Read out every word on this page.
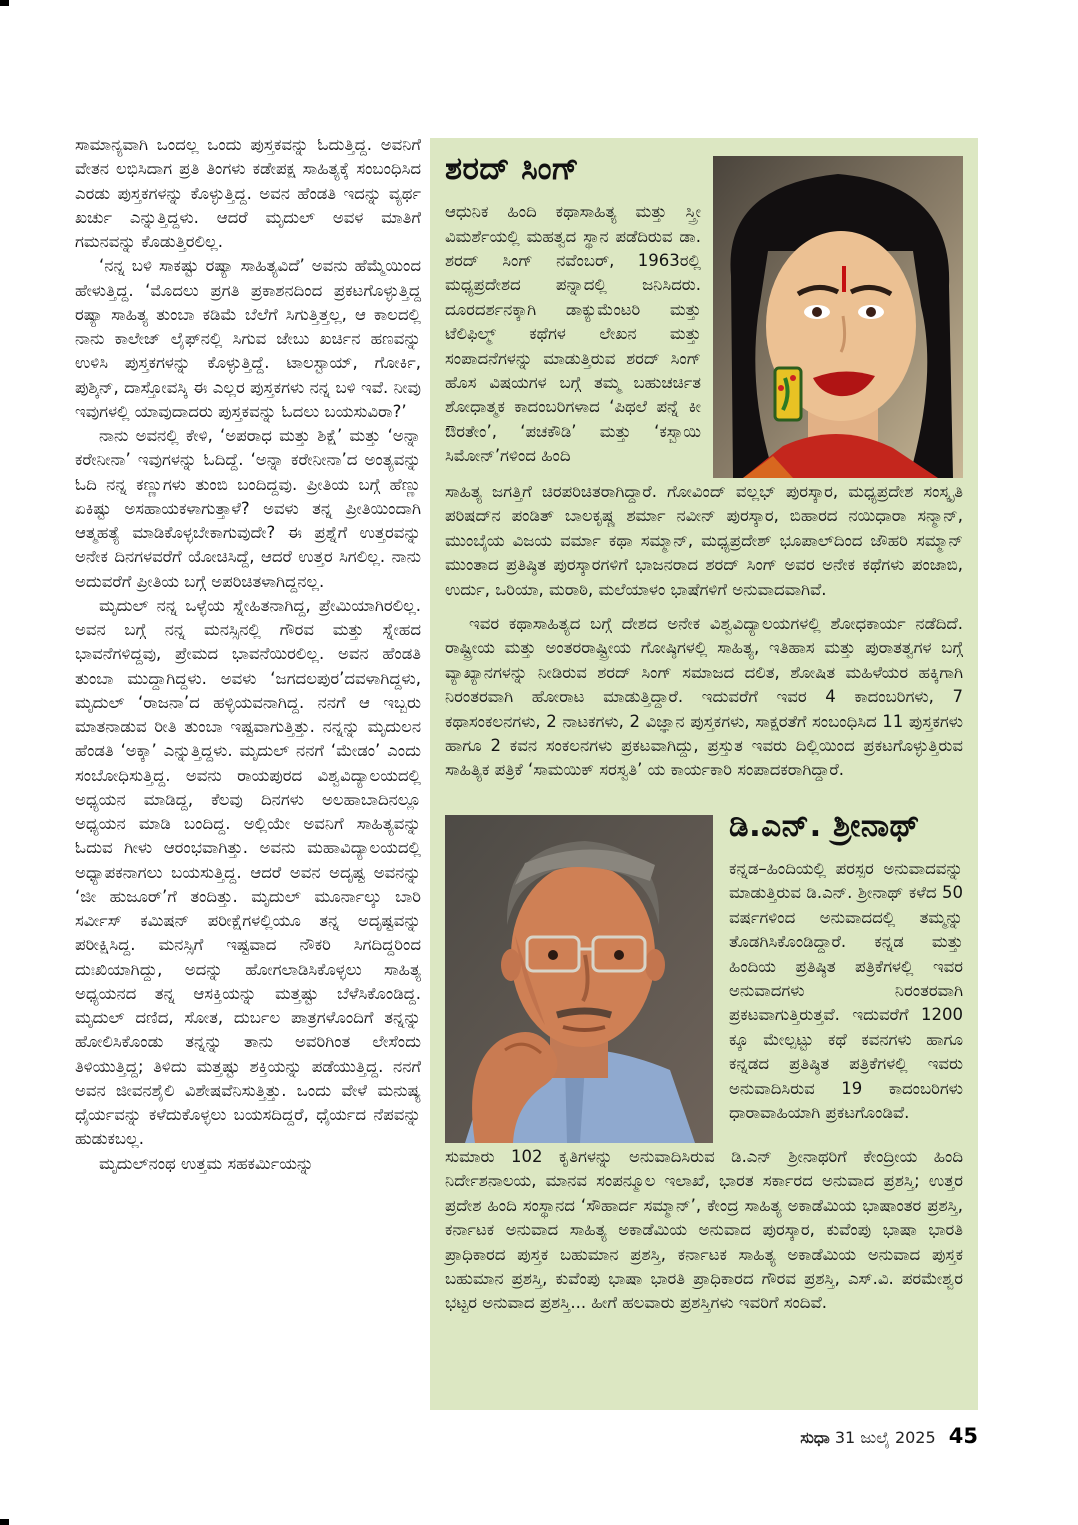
ಸಾಮಾನ್ಯವಾಗಿ ಒಂದಲ್ಲ ಒಂದು ಪುಸ್ತಕವನ್ನು ಓದುತ್ತಿದ್ದ. ಅವನಿಗೆ ವೇತನ ಲಭಿಸಿದಾಗ ಪ್ರತಿ ತಿಂಗಳು ಕಡೇಪಕ್ಷ ಸಾಹಿತ್ಯಕ್ಕೆ ಸಂಬಂಧಿಸಿದ ಎರಡು ಪುಸ್ತಕಗಳನ್ನು ಕೊಳ್ಳುತ್ತಿದ್ದ. ಅವನ ಹೆಂಡತಿ ಇದನ್ನು ವ್ಯರ್ಥ ಖರ್ಚು ಎನ್ನುತ್ತಿದ್ದಳು. ಆದರೆ ಮೃದುಲ್ ಅವಳ ಮಾತಿಗೆ ಗಮನವನ್ನು ಕೊಡುತ್ತಿರಲಿಲ್ಲ.

‘ನನ್ನ ಬಳಿ ಸಾಕಷ್ಟು ರಷ್ಯಾ ಸಾಹಿತ್ಯವಿದೆ’ ಅವನು ಹೆಮ್ಮೆಯಿಂದ ಹೇಳುತ್ತಿದ್ದ. ‘ಮೊದಲು ಪ್ರಗತಿ ಪ್ರಕಾಶನದಿಂದ ಪ್ರಕಟಗೊಳ್ಳುತ್ತಿದ್ದ ರಷ್ಯಾ ಸಾಹಿತ್ಯ ತುಂಬಾ ಕಡಿಮೆ ಬೆಲೆಗೆ ಸಿಗುತ್ತಿತ್ತಲ್ಲ, ಆ ಕಾಲದಲ್ಲಿ ನಾನು ಕಾಲೇಜ್ ಲೈಫ್‌ನಲ್ಲಿ ಸಿಗುವ ಜೇಬು ಖರ್ಚಿನ ಹಣವನ್ನು ಉಳಿಸಿ ಪುಸ್ತಕಗಳನ್ನು ಕೊಳ್ಳುತ್ತಿದ್ದೆ. ಟಾಲಸ್ಟಾಯ್, ಗೋರ್ಕಿ, ಪುಶ್ಕಿನ್, ದಾಸ್ತೋವಸ್ಕಿ ಈ ಎಲ್ಲರ ಪುಸ್ತಕಗಳು ನನ್ನ ಬಳಿ ಇವೆ. ನೀವು ಇವುಗಳಲ್ಲಿ ಯಾವುದಾದರು ಪುಸ್ತಕವನ್ನು ಓದಲು ಬಯಸುವಿರಾ?’

ನಾನು ಅವನಲ್ಲಿ ಕೇಳಿ, ‘ಅಪರಾಧ ಮತ್ತು ಶಿಕ್ಷೆ’ ಮತ್ತು ‘ಅನ್ನಾ ಕರೇನೀನಾ’ ಇವುಗಳನ್ನು ಓದಿದ್ದೆ. ‘ಅನ್ನಾ ಕರೇನೀನಾ’ದ ಅಂತ್ಯವನ್ನು ಓದಿ ನನ್ನ ಕಣ್ಣುಗಳು ತುಂಬಿ ಬಂದಿದ್ದವು. ಪ್ರೀತಿಯ ಬಗ್ಗೆ ಹೆಣ್ಣು ಏಕಿಷ್ಟು ಅಸಹಾಯಕಳಾಗುತ್ತಾಳೆ? ಅವಳು ತನ್ನ ಪ್ರೀತಿಯಿಂದಾಗಿ ಆತ್ಮಹತ್ಯೆ ಮಾಡಿಕೊಳ್ಳಬೇಕಾಗುವುದೇ? ಈ ಪ್ರಶ್ನೆಗೆ ಉತ್ತರವನ್ನು ಅನೇಕ ದಿನಗಳವರೆಗೆ ಯೋಚಿಸಿದ್ದೆ, ಆದರೆ ಉತ್ತರ ಸಿಗಲಿಲ್ಲ. ನಾನು ಅದುವರೆಗೆ ಪ್ರೀತಿಯ ಬಗ್ಗೆ ಅಪರಿಚಿತಳಾಗಿದ್ದನಲ್ಲ.

ಮೃದುಲ್ ನನ್ನ ಒಳ್ಳೆಯ ಸ್ನೇಹಿತನಾಗಿದ್ದ, ಪ್ರೇಮಿಯಾಗಿರಲಿಲ್ಲ. ಅವನ ಬಗ್ಗೆ ನನ್ನ ಮನಸ್ಸಿನಲ್ಲಿ ಗೌರವ ಮತ್ತು ಸ್ನೇಹದ ಭಾವನೆಗಳಿದ್ದವು, ಪ್ರೇಮದ ಭಾವನೆಯಿರಲಿಲ್ಲ. ಅವನ ಹೆಂಡತಿ ತುಂಬಾ ಮುದ್ದಾಗಿದ್ದಳು. ಅವಳು ‘ಜಗದಲಪುರ’ದವಳಾಗಿದ್ದಳು, ಮೃದುಲ್ ‘ರಾಜನಾ’ದ ಹಳ್ಳಿಯವನಾಗಿದ್ದ. ನನಗೆ ಆ ಇಬ್ಬರು ಮಾತನಾಡುವ ರೀತಿ ತುಂಬಾ ಇಷ್ಟವಾಗುತ್ತಿತ್ತು. ನನ್ನನ್ನು ಮೃದುಲನ ಹೆಂಡತಿ ‘ಅಕ್ಕಾ’ ಎನ್ನುತ್ತಿದ್ದಳು. ಮೃದುಲ್ ನನಗೆ ‘ಮೇಡಂ’ ಎಂದು ಸಂಬೋಧಿಸುತ್ತಿದ್ದ. ಅವನು ರಾಯಪುರದ ವಿಶ್ವವಿದ್ಯಾಲಯದಲ್ಲಿ ಅಧ್ಯಯನ ಮಾಡಿದ್ದ, ಕೆಲವು ದಿನಗಳು ಅಲಹಾಬಾದಿನಲ್ಲೂ ಅಧ್ಯಯನ ಮಾಡಿ ಬಂದಿದ್ದ. ಅಲ್ಲಿಯೇ ಅವನಿಗೆ ಸಾಹಿತ್ಯವನ್ನು ಓದುವ ಗೀಳು ಆರಂಭವಾಗಿತ್ತು. ಅವನು ಮಹಾವಿದ್ಯಾಲಯದಲ್ಲಿ ಅಧ್ಯಾಪಕನಾಗಲು ಬಯಸುತ್ತಿದ್ದ. ಆದರೆ ಅವನ ಅದೃಷ್ಟ ಅವನನ್ನು ‘ಜೀ ಹುಜೂರ್’ಗೆ ತಂದಿತ್ತು. ಮೃದುಲ್ ಮೂರ್ನಾಲ್ಕು ಬಾರಿ ಸರ್ವೀಸ್ ಕಮಿಷನ್ ಪರೀಕ್ಷೆಗಳಲ್ಲಿಯೂ ತನ್ನ ಅದೃಷ್ಟವನ್ನು ಪರೀಕ್ಷಿಸಿದ್ದ. ಮನಸ್ಸಿಗೆ ಇಷ್ಟವಾದ ನೌಕರಿ ಸಿಗದಿದ್ದರಿಂದ ದುಃಖಿಯಾಗಿದ್ದು, ಅದನ್ನು ಹೋಗಲಾಡಿಸಿಕೊಳ್ಳಲು ಸಾಹಿತ್ಯ ಅಧ್ಯಯನದ ತನ್ನ ಆಸಕ್ತಿಯನ್ನು ಮತ್ತಷ್ಟು ಬೆಳೆಸಿಕೊಂಡಿದ್ದ. ಮೃದುಲ್ ದಣಿದ, ಸೋತ, ದುರ್ಬಲ ಪಾತ್ರಗಳೊಂದಿಗೆ ತನ್ನನ್ನು ಹೋಲಿಸಿಕೊಂಡು ತನ್ನನ್ನು ತಾನು ಅವರಿಗಿಂತ ಲೇಸೆಂದು ತಿಳಿಯುತ್ತಿದ್ದ; ತಿಳಿದು ಮತ್ತಷ್ಟು ಶಕ್ತಿಯನ್ನು ಪಡೆಯುತ್ತಿದ್ದ. ನನಗೆ ಅವನ ಜೀವನಶೈಲಿ ವಿಶೇಷವೆನಿಸುತ್ತಿತ್ತು. ಒಂದು ವೇಳೆ ಮನುಷ್ಯ ಧೈರ್ಯವನ್ನು ಕಳೆದುಕೊಳ್ಳಲು ಬಯಸದಿದ್ದರೆ, ಧೈರ್ಯದ ನೆಪವನ್ನು ಹುಡುಕಬಲ್ಲ.

ಮೃದುಲ್‌ನಂಥ ಉತ್ತಮ ಸಹಕರ್ಮಿಯನ್ನು

ಶರದ್ ಸಿಂಗ್
ಆಧುನಿಕ ಹಿಂದಿ ಕಥಾಸಾಹಿತ್ಯ ಮತ್ತು ಸ್ತ್ರೀ ವಿಮರ್ಶೆಯಲ್ಲಿ ಮಹತ್ವದ ಸ್ಥಾನ ಪಡೆದಿರುವ ಡಾ. ಶರದ್ ಸಿಂಗ್ ನವೆಂಬರ್, 1963ರಲ್ಲಿ ಮಧ್ಯಪ್ರದೇಶದ ಪನ್ನಾದಲ್ಲಿ ಜನಿಸಿದರು. ದೂರದರ್ಶನಕ್ಕಾಗಿ ಡಾಕ್ಯುಮೆಂಟರಿ ಮತ್ತು ಟೆಲಿಫಿಲ್ಮ್ ಕಥೆಗಳ ಲೇಖನ ಮತ್ತು ಸಂಪಾದನೆಗಳನ್ನು ಮಾಡುತ್ತಿರುವ ಶರದ್ ಸಿಂಗ್ ಹೊಸ ವಿಷಯಗಳ ಬಗ್ಗೆ ತಮ್ಮ ಬಹುಚರ್ಚಿತ ಶೋಧಾತ್ಮಕ ಕಾದಂಬರಿಗಳಾದ ‘ಪಿಥಲೆ ಪನ್ನೆ ಕೀ ಔರತೇಂ’, ‘ಪಚಕೌಡಿ’ ಮತ್ತು ‘ಕಸ್ಬಾಯಿ ಸಿಮೋನ್’ಗಳಿಂದ ಹಿಂದಿ
ಸಾಹಿತ್ಯ ಜಗತ್ತಿಗೆ ಚಿರಪರಿಚಿತರಾಗಿದ್ದಾರೆ. ಗೋವಿಂದ್ ವಲ್ಲಭ್ ಪುರಸ್ಕಾರ, ಮಧ್ಯಪ್ರದೇಶ ಸಂಸ್ಕೃತಿ ಪರಿಷದ್‌ನ ಪಂಡಿತ್ ಬಾಲಕೃಷ್ಣ ಶರ್ಮಾ ನವೀನ್ ಪುರಸ್ಕಾರ, ಬಿಹಾರದ ನಯಿಧಾರಾ ಸನ್ಮಾನ್, ಮುಂಬೈಯ ವಿಜಯ ವರ್ಮಾ ಕಥಾ ಸಮ್ಮಾನ್, ಮಧ್ಯಪ್ರದೇಶ್ ಭೂಪಾಲ್‌ದಿಂದ ಜೌಹರಿ ಸಮ್ಮಾನ್ ಮುಂತಾದ ಪ್ರತಿಷ್ಠಿತ ಪುರಸ್ಕಾರಗಳಿಗೆ ಭಾಜನರಾದ ಶರದ್ ಸಿಂಗ್ ಅವರ ಅನೇಕ ಕಥೆಗಳು ಪಂಜಾಬಿ, ಉರ್ದು, ಒರಿಯಾ, ಮರಾಠಿ, ಮಲೆಯಾಳಂ ಭಾಷೆಗಳಿಗೆ ಅನುವಾದವಾಗಿವೆ.
ಇವರ ಕಥಾಸಾಹಿತ್ಯದ ಬಗ್ಗೆ ದೇಶದ ಅನೇಕ ವಿಶ್ವವಿದ್ಯಾಲಯಗಳಲ್ಲಿ ಶೋಧಕಾರ್ಯ ನಡೆದಿದೆ. ರಾಷ್ಟ್ರೀಯ ಮತ್ತು ಅಂತರರಾಷ್ಟ್ರೀಯ ಗೋಷ್ಠಿಗಳಲ್ಲಿ ಸಾಹಿತ್ಯ, ಇತಿಹಾಸ ಮತ್ತು ಪುರಾತತ್ವಗಳ ಬಗ್ಗೆ ವ್ಯಾಖ್ಯಾನಗಳನ್ನು ನೀಡಿರುವ ಶರದ್ ಸಿಂಗ್ ಸಮಾಜದ ದಲಿತ, ಶೋಷಿತ ಮಹಿಳೆಯರ ಹಕ್ಕಿಗಾಗಿ ನಿರಂತರವಾಗಿ ಹೋರಾಟ ಮಾಡುತ್ತಿದ್ದಾರೆ. ಇದುವರೆಗೆ ಇವರ 4 ಕಾದಂಬರಿಗಳು, 7 ಕಥಾಸಂಕಲನಗಳು, 2 ನಾಟಕಗಳು, 2 ವಿಜ್ಞಾನ ಪುಸ್ತಕಗಳು, ಸಾಕ್ಷರತೆಗೆ ಸಂಬಂಧಿಸಿದ 11 ಪುಸ್ತಕಗಳು ಹಾಗೂ 2 ಕವನ ಸಂಕಲನಗಳು ಪ್ರಕಟವಾಗಿದ್ದು, ಪ್ರಸ್ತುತ ಇವರು ದಿಲ್ಲಿಯಿಂದ ಪ್ರಕಟಗೊಳ್ಳುತ್ತಿರುವ ಸಾಹಿತ್ಯಿಕ ಪತ್ರಿಕೆ ‘ಸಾಮಯಿಕ್ ಸರಸ್ವತಿ’ ಯ ಕಾರ್ಯಕಾರಿ ಸಂಪಾದಕರಾಗಿದ್ದಾರೆ.
ಡಿ.ಎನ್. ಶ್ರೀನಾಥ್
ಕನ್ನಡ–ಹಿಂದಿಯಲ್ಲಿ ಪರಸ್ಪರ ಅನುವಾದವನ್ನು ಮಾಡುತ್ತಿರುವ ಡಿ.ಎನ್. ಶ್ರೀನಾಥ್ ಕಳೆದ 50 ವರ್ಷಗಳಿಂದ ಅನುವಾದದಲ್ಲಿ ತಮ್ಮನ್ನು ತೊಡಗಿಸಿಕೊಂಡಿದ್ದಾರೆ. ಕನ್ನಡ ಮತ್ತು ಹಿಂದಿಯ ಪ್ರತಿಷ್ಠಿತ ಪತ್ರಿಕೆಗಳಲ್ಲಿ ಇವರ ಅನುವಾದಗಳು ನಿರಂತರವಾಗಿ ಪ್ರಕಟವಾಗುತ್ತಿರುತ್ತವೆ. ಇದುವರೆಗೆ 1200 ಕ್ಕೂ ಮೇಲ್ಪಟ್ಟು ಕಥೆ ಕವನಗಳು ಹಾಗೂ ಕನ್ನಡದ ಪ್ರತಿಷ್ಠಿತ ಪತ್ರಿಕೆಗಳಲ್ಲಿ ಇವರು ಅನುವಾದಿಸಿರುವ 19 ಕಾದಂಬರಿಗಳು ಧಾರಾವಾಹಿಯಾಗಿ ಪ್ರಕಟಗೊಂಡಿವೆ.
ಸುಮಾರು 102 ಕೃತಿಗಳನ್ನು ಅನುವಾದಿಸಿರುವ ಡಿ.ಎನ್ ಶ್ರೀನಾಥರಿಗೆ ಕೇಂದ್ರೀಯ ಹಿಂದಿ ನಿರ್ದೇಶನಾಲಯ, ಮಾನವ ಸಂಪನ್ಮೂಲ ಇಲಾಖೆ, ಭಾರತ ಸರ್ಕಾರದ ಅನುವಾದ ಪ್ರಶಸ್ತಿ; ಉತ್ತರ ಪ್ರದೇಶ ಹಿಂದಿ ಸಂಸ್ಥಾನದ ‘ಸೌಹಾರ್ದ ಸಮ್ಮಾನ್’, ಕೇಂದ್ರ ಸಾಹಿತ್ಯ ಅಕಾಡೆಮಿಯ ಭಾಷಾಂತರ ಪ್ರಶಸ್ತಿ, ಕರ್ನಾಟಕ ಅನುವಾದ ಸಾಹಿತ್ಯ ಅಕಾಡೆಮಿಯ ಅನುವಾದ ಪುರಸ್ಕಾರ, ಕುವೆಂಪು ಭಾಷಾ ಭಾರತಿ ಪ್ರಾಧಿಕಾರದ ಪುಸ್ತಕ ಬಹುಮಾನ ಪ್ರಶಸ್ತಿ, ಕರ್ನಾಟಕ ಸಾಹಿತ್ಯ ಅಕಾಡೆಮಿಯ ಅನುವಾದ ಪುಸ್ತಕ ಬಹುಮಾನ ಪ್ರಶಸ್ತಿ, ಕುವೆಂಪು ಭಾಷಾ ಭಾರತಿ ಪ್ರಾಧಿಕಾರದ ಗೌರವ ಪ್ರಶಸ್ತಿ, ಎಸ್.ವಿ. ಪರಮೇಶ್ವರ ಭಟ್ಟರ ಅನುವಾದ ಪ್ರಶಸ್ತಿ... ಹೀಗೆ ಹಲವಾರು ಪ್ರಶಸ್ತಿಗಳು ಇವರಿಗೆ ಸಂದಿವೆ.
ಸುಧಾ 31 ಜುಲೈ 2025 45
